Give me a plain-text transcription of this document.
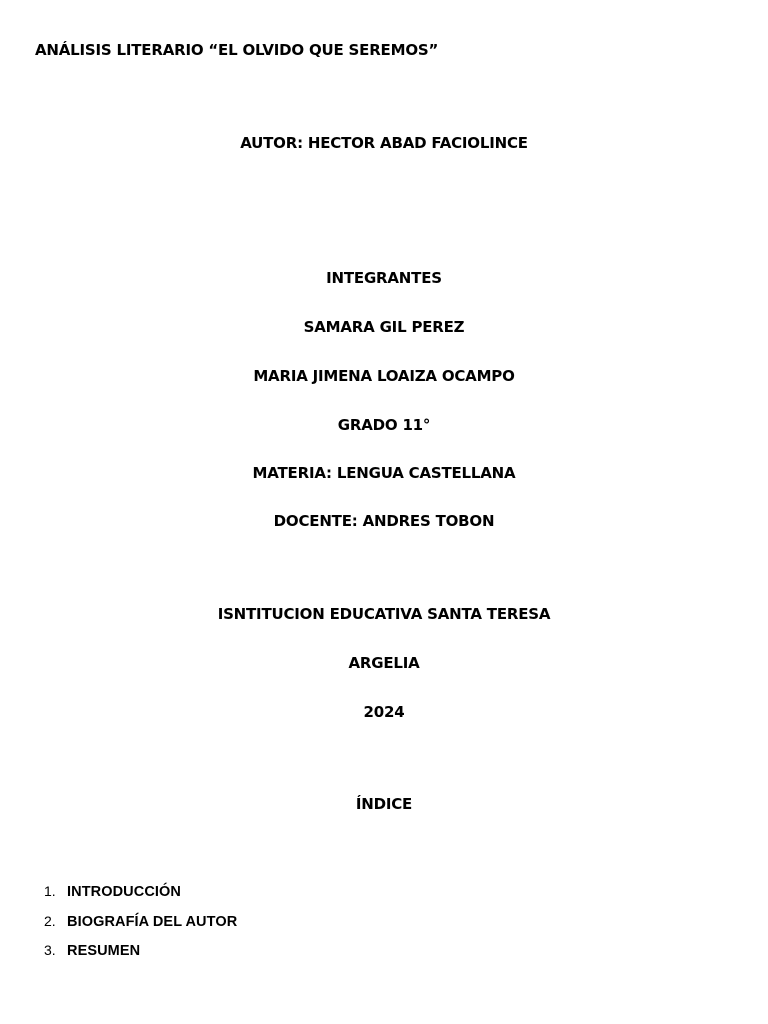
ANÁLISIS LITERARIO “EL OLVIDO QUE SEREMOS”

AUTOR: HECTOR ABAD FACIOLINCE

INTEGRANTES

SAMARA GIL PEREZ

MARIA JIMENA LOAIZA OCAMPO

GRADO 11°

MATERIA: LENGUA CASTELLANA

DOCENTE: ANDRES TOBON

ISNTITUCION EDUCATIVA SANTA TERESA

ARGELIA

2024

ÍNDICE

1. INTRODUCCIÓN
2. BIOGRAFÍA DEL AUTOR
3. RESUMEN
